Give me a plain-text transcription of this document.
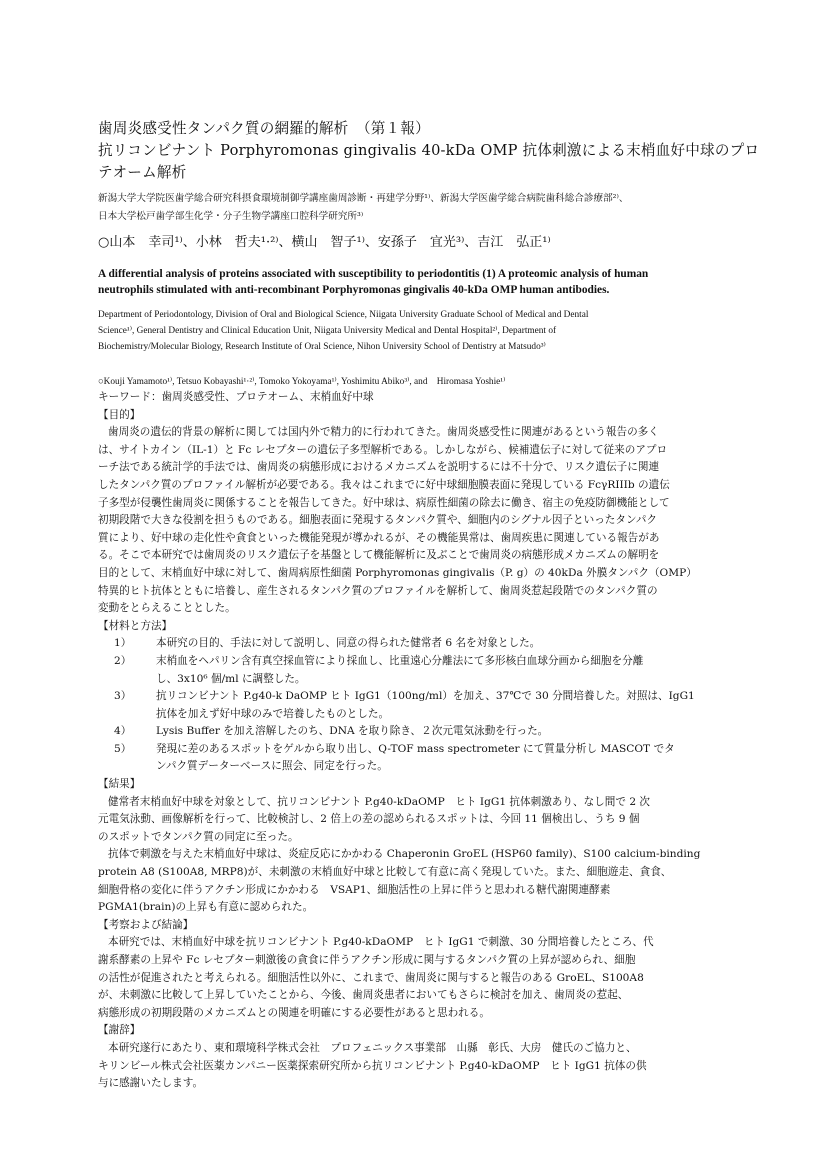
歯周炎感受性タンパク質の網羅的解析　（第１報）
抗リコンビナント Porphyromonas gingivalis 40-kDa OMP 抗体刺激による末梢血好中球のプロ
テオーム解析
新潟大学大学院医歯学総合研究科摂食環境制御学講座歯周診断・再建学分野¹⁾、新潟大学医歯学総合病院歯科総合診療部²⁾、
日本大学松戸歯学部生化学・分子生物学講座口腔科学研究所³⁾
○山本　幸司¹⁾、小林　哲夫¹·²⁾、横山　智子¹⁾、安孫子　宜光³⁾、吉江　弘正¹⁾
A differential analysis of proteins associated with susceptibility to periodontitis (1) A proteomic analysis of human
neutrophils stimulated with anti-recombinant Porphyromonas gingivalis 40-kDa OMP human antibodies.
Department of Periodontology, Division of Oral and Biological Science, Niigata University Graduate School of Medical and Dental
Science¹⁾, General Dentistry and Clinical Education Unit, Niigata University Medical and Dental Hospital²⁾, Department of
Biochemistry/Molecular Biology, Research Institute of Oral Science, Nihon University School of Dentistry at Matsudo³⁾
○Kouji Yamamoto¹⁾, Tetsuo Kobayashi¹·²⁾, Tomoko Yokoyama¹⁾, Yoshimitu Abiko³⁾, and　Hiromasa Yoshie¹⁾
キーワード：歯周炎感受性、プロテオーム、末梢血好中球
【目的】
歯周炎の遺伝的背景の解析に関しては国内外で精力的に行われてきた。歯周炎感受性に関連があるという報告の多く
は、サイトカイン（IL-1）と Fc レセプターの遺伝子多型解析である。しかしながら、候補遺伝子に対して従来のアプロ
ーチ法である統計学的手法では、歯周炎の病態形成におけるメカニズムを説明するには不十分で、リスク遺伝子に関連
したタンパク質のプロファイル解析が必要である。我々はこれまでに好中球細胞膜表面に発現している FcγRIIIb の遺伝
子多型が侵襲性歯周炎に関係することを報告してきた。好中球は、病原性細菌の除去に働き、宿主の免疫防御機能として
初期段階で大きな役割を担うものである。細胞表面に発現するタンパク質や、細胞内のシグナル因子といったタンパク
質により、好中球の走化性や貪食といった機能発現が導かれるが、その機能異常は、歯周疾患に関連している報告があ
る。そこで本研究では歯周炎のリスク遺伝子を基盤として機能解析に及ぶことで歯周炎の病態形成メカニズムの解明を
目的として、末梢血好中球に対して、歯周病原性細菌 Porphyromonas gingivalis（P. g）の 40kDa 外膜タンパク（OMP）
特異的ヒト抗体とともに培養し、産生されるタンパク質のプロファイルを解析して、歯周炎惹起段階でのタンパク質の
変動をとらえることとした。
【材料と方法】
1）	本研究の目的、手法に対して説明し、同意の得られた健常者 6 名を対象とした。
2）	末梢血をヘパリン含有真空採血管により採血し、比重遠心分離法にて多形核白血球分画から細胞を分離
し、3x10⁶ 個/ml に調整した。
3）	抗リコンビナント P.g40-k DaOMP ヒト IgG1（100ng/ml）を加え、37℃で 30 分間培養した。対照は、IgG1
抗体を加えず好中球のみで培養したものとした。
4）	Lysis Buffer を加え溶解したのち、DNA を取り除き、２次元電気泳動を行った。
5）	発現に差のあるスポットをゲルから取り出し、Q-TOF mass spectrometer にて質量分析し MASCOT でタ
ンパク質データーベースに照会、同定を行った。
【結果】
健常者末梢血好中球を対象として、抗リコンビナント P.g40-kDaOMP　ヒト IgG1 抗体刺激あり、なし間で 2 次
元電気泳動、画像解析を行って、比較検討し、2 倍上の差の認められるスポットは、今回 11 個検出し、うち 9 個
のスポットでタンパク質の同定に至った。
抗体で刺激を与えた末梢血好中球は、炎症反応にかかわる Chaperonin GroEL (HSP60 family)、S100 calcium-binding
protein A8 (S100A8, MRP8)が、未刺激の末梢血好中球と比較して有意に高く発現していた。また、細胞遊走、貪食、
細胞骨格の変化に伴うアクチン形成にかかわる　VSAP1、細胞活性の上昇に伴うと思われる糖代謝関連酵素
PGMA1(brain)の上昇も有意に認められた。
【考察および結論】
本研究では、末梢血好中球を抗リコンビナント P.g40-kDaOMP　ヒト IgG1 で刺激、30 分間培養したところ、代
謝系酵素の上昇や Fc レセプター刺激後の貪食に伴うアクチン形成に関与するタンパク質の上昇が認められ、細胞
の活性が促進されたと考えられる。細胞活性以外に、これまで、歯周炎に関与すると報告のある GroEL、S100A8
が、未刺激に比較して上昇していたことから、今後、歯周炎患者においてもさらに検討を加え、歯周炎の惹起、
病態形成の初期段階のメカニズムとの関連を明確にする必要性があると思われる。
【謝辞】
本研究遂行にあたり、東和環境科学株式会社　プロフェニックス事業部　山縣　彰氏、大房　健氏のご協力と、
キリンビール株式会社医薬カンパニー医薬探索研究所から抗リコンビナント P.g40-kDaOMP　ヒト IgG1 抗体の供
与に感謝いたします。
